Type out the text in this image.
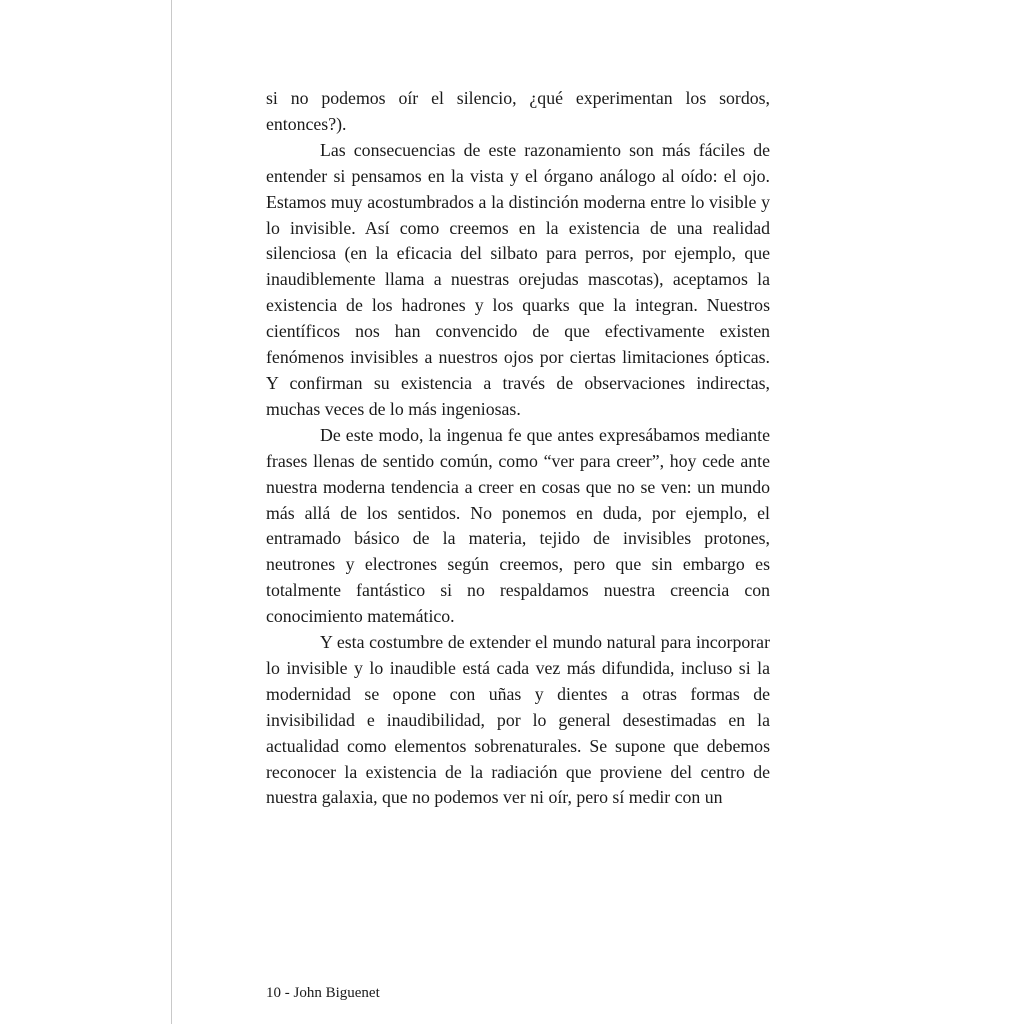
si no podemos oír el silencio, ¿qué experimentan los sordos, entonces?).

Las consecuencias de este razonamiento son más fáciles de entender si pensamos en la vista y el órgano análogo al oído: el ojo. Estamos muy acostumbrados a la distinción moderna entre lo visible y lo invisible. Así como creemos en la existencia de una realidad silenciosa (en la eficacia del silbato para perros, por ejemplo, que inaudiblemente llama a nuestras orejudas mascotas), aceptamos la existencia de los hadrones y los quarks que la integran. Nuestros científicos nos han convencido de que efectivamente existen fenómenos invisibles a nuestros ojos por ciertas limitaciones ópticas. Y confirman su existencia a través de observaciones indirectas, muchas veces de lo más ingeniosas.

De este modo, la ingenua fe que antes expresábamos mediante frases llenas de sentido común, como “ver para creer”, hoy cede ante nuestra moderna tendencia a creer en cosas que no se ven: un mundo más allá de los sentidos. No ponemos en duda, por ejemplo, el entramado básico de la materia, tejido de invisibles protones, neutrones y electrones según creemos, pero que sin embargo es totalmente fantástico si no respaldamos nuestra creencia con conocimiento matemático.

Y esta costumbre de extender el mundo natural para incorporar lo invisible y lo inaudible está cada vez más difundida, incluso si la modernidad se opone con uñas y dientes a otras formas de invisibilidad e inaudibilidad, por lo general desestimadas en la actualidad como elementos sobrenaturales. Se supone que debemos reconocer la existencia de la radiación que proviene del centro de nuestra galaxia, que no podemos ver ni oír, pero sí medir con un

10 - John Biguenet
